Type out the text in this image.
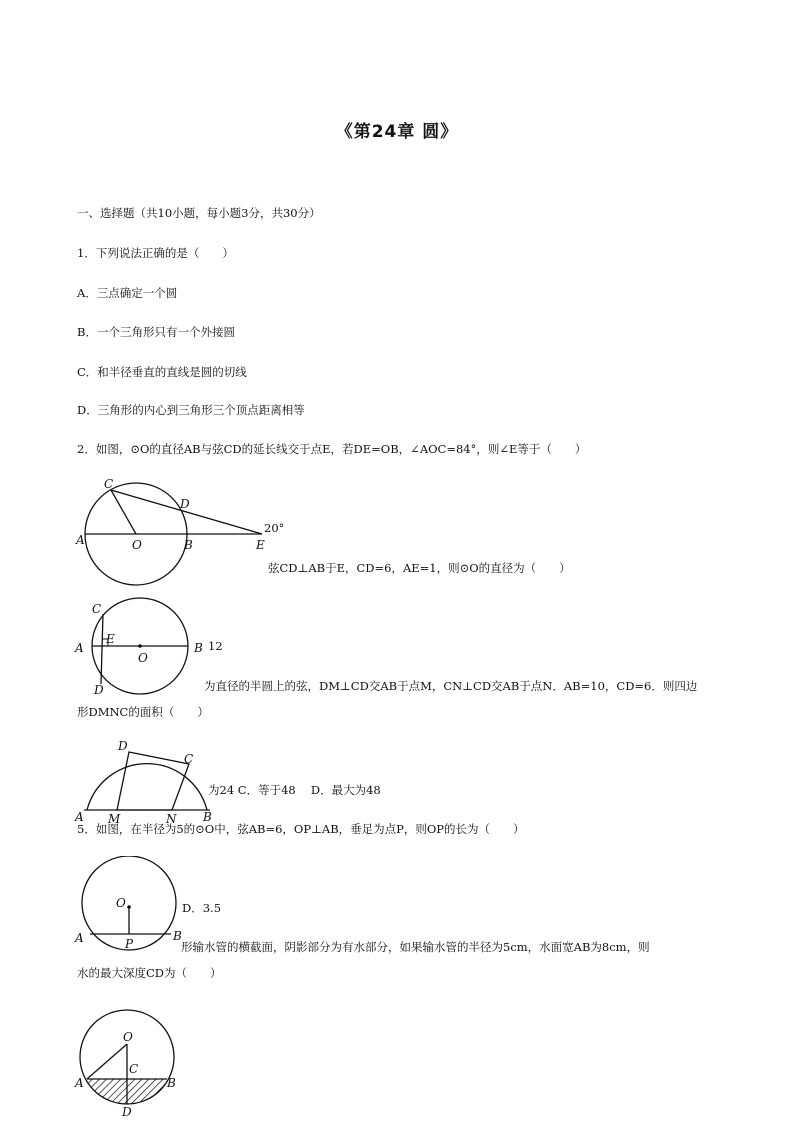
《第24章 圆》
一、选择题（共10小题，每小题3分，共30分）
1．下列说法正确的是（　　）
A．三点确定一个圆
B．一个三角形只有一个外接圆
C．和半径垂直的直线是圆的切线
D．三角形的内心到三角形三个顶点距离相等
2．如图，⊙O的直径AB与弦CD的延长线交于点E，若DE=OB，∠AOC=84°，则∠E等于（　　）
C
D
A	O	B	E
20°
弦CD⊥AB于E，CD=6，AE=1，则⊙O的直径为（　　）
C
E
A	B
O
D
12
为直径的半圆上的弦，DM⊥CD交AB于点M，CN⊥CD交AB于点N．AB=10，CD=6．则四边
形DMNC的面积（　　）
D
C
A M	N B
为24 C．等于48　 D．最大为48
5．如图，在半径为5的⊙O中，弦AB=6，OP⊥AB，垂足为点P，则OP的长为（　　）
O
A	P
B
D．3.5
形输水管的横截面，阴影部分为有水部分，如果输水管的半径为5cm，水面宽AB为8cm，则
水的最大深度CD为（　　）
O
C
A	B
D
